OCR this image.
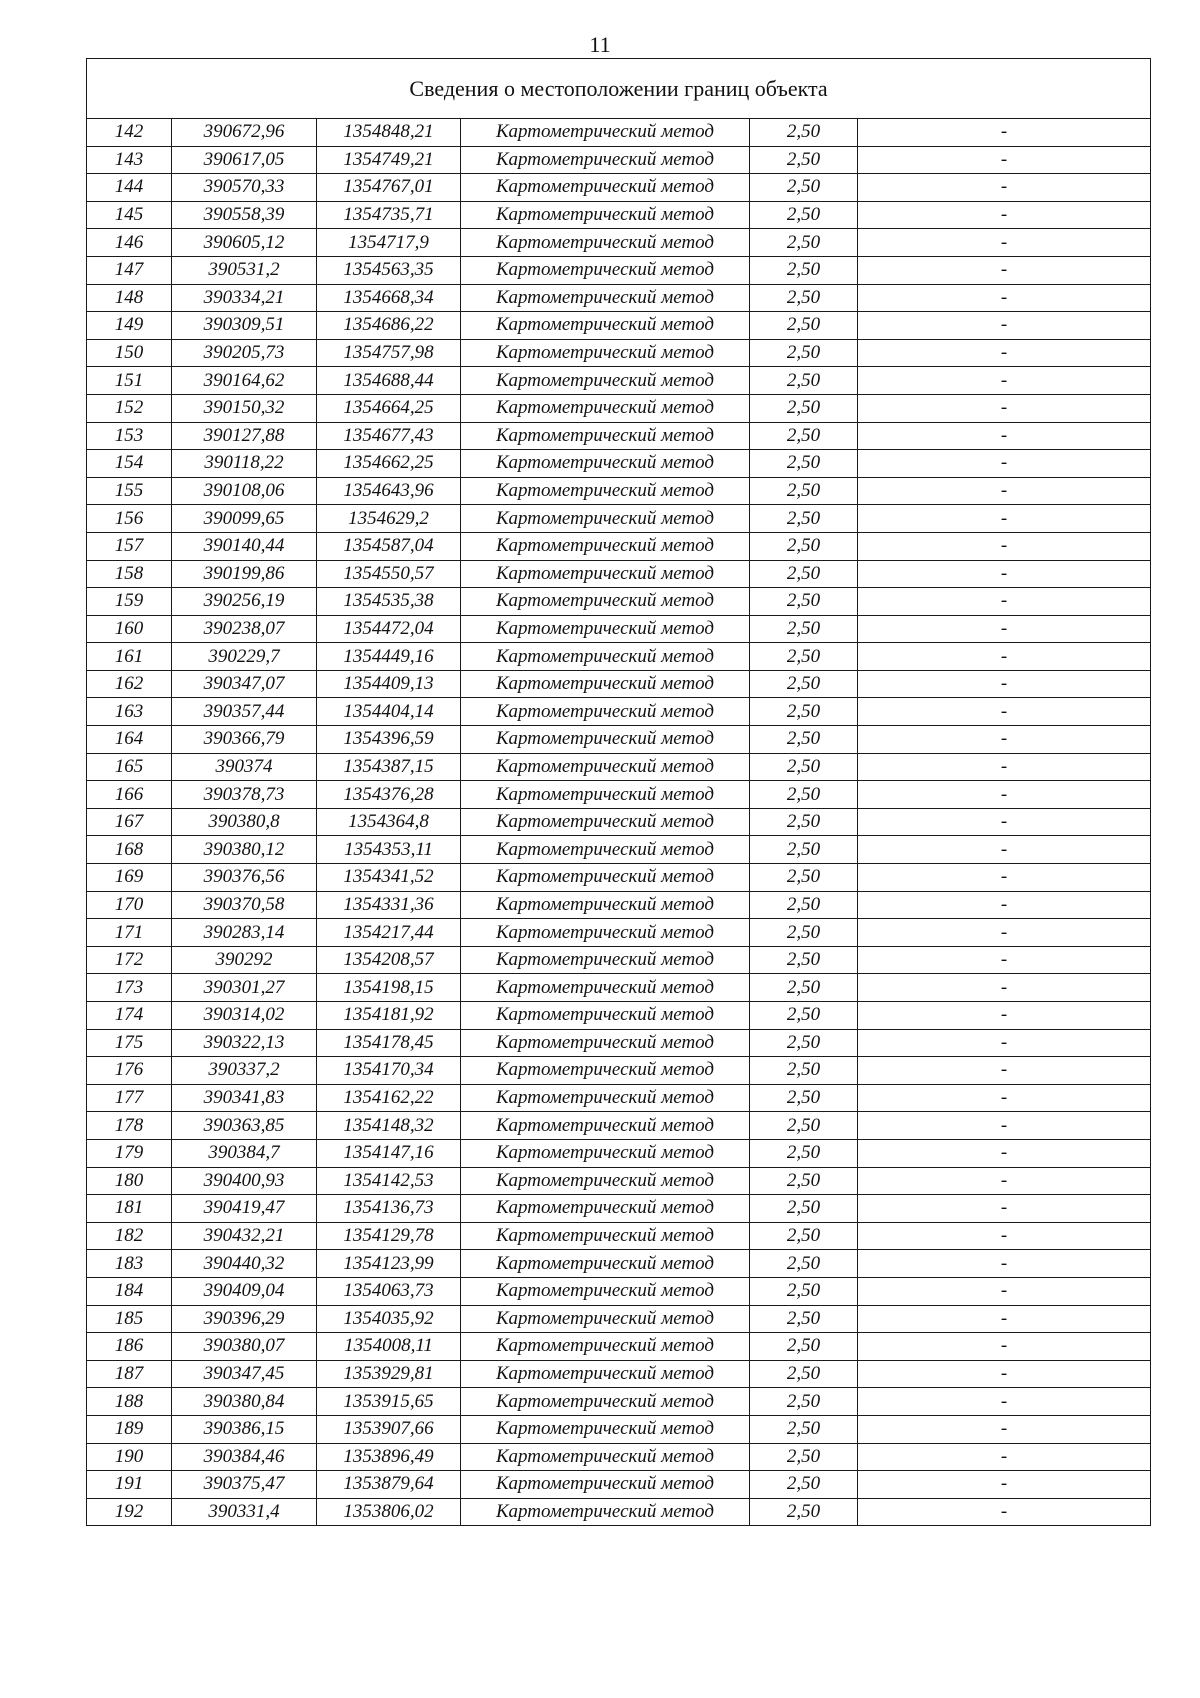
11
Сведения о местоположении границ объекта					
142	390672,96	1354848,21	Картометрический метод	2,50	-
143	390617,05	1354749,21	Картометрический метод	2,50	-
144	390570,33	1354767,01	Картометрический метод	2,50	-
145	390558,39	1354735,71	Картометрический метод	2,50	-
146	390605,12	1354717,9	Картометрический метод	2,50	-
147	390531,2	1354563,35	Картометрический метод	2,50	-
148	390334,21	1354668,34	Картометрический метод	2,50	-
149	390309,51	1354686,22	Картометрический метод	2,50	-
150	390205,73	1354757,98	Картометрический метод	2,50	-
151	390164,62	1354688,44	Картометрический метод	2,50	-
152	390150,32	1354664,25	Картометрический метод	2,50	-
153	390127,88	1354677,43	Картометрический метод	2,50	-
154	390118,22	1354662,25	Картометрический метод	2,50	-
155	390108,06	1354643,96	Картометрический метод	2,50	-
156	390099,65	1354629,2	Картометрический метод	2,50	-
157	390140,44	1354587,04	Картометрический метод	2,50	-
158	390199,86	1354550,57	Картометрический метод	2,50	-
159	390256,19	1354535,38	Картометрический метод	2,50	-
160	390238,07	1354472,04	Картометрический метод	2,50	-
161	390229,7	1354449,16	Картометрический метод	2,50	-
162	390347,07	1354409,13	Картометрический метод	2,50	-
163	390357,44	1354404,14	Картометрический метод	2,50	-
164	390366,79	1354396,59	Картометрический метод	2,50	-
165	390374	1354387,15	Картометрический метод	2,50	-
166	390378,73	1354376,28	Картометрический метод	2,50	-
167	390380,8	1354364,8	Картометрический метод	2,50	-
168	390380,12	1354353,11	Картометрический метод	2,50	-
169	390376,56	1354341,52	Картометрический метод	2,50	-
170	390370,58	1354331,36	Картометрический метод	2,50	-
171	390283,14	1354217,44	Картометрический метод	2,50	-
172	390292	1354208,57	Картометрический метод	2,50	-
173	390301,27	1354198,15	Картометрический метод	2,50	-
174	390314,02	1354181,92	Картометрический метод	2,50	-
175	390322,13	1354178,45	Картометрический метод	2,50	-
176	390337,2	1354170,34	Картометрический метод	2,50	-
177	390341,83	1354162,22	Картометрический метод	2,50	-
178	390363,85	1354148,32	Картометрический метод	2,50	-
179	390384,7	1354147,16	Картометрический метод	2,50	-
180	390400,93	1354142,53	Картометрический метод	2,50	-
181	390419,47	1354136,73	Картометрический метод	2,50	-
182	390432,21	1354129,78	Картометрический метод	2,50	-
183	390440,32	1354123,99	Картометрический метод	2,50	-
184	390409,04	1354063,73	Картометрический метод	2,50	-
185	390396,29	1354035,92	Картометрический метод	2,50	-
186	390380,07	1354008,11	Картометрический метод	2,50	-
187	390347,45	1353929,81	Картометрический метод	2,50	-
188	390380,84	1353915,65	Картометрический метод	2,50	-
189	390386,15	1353907,66	Картометрический метод	2,50	-
190	390384,46	1353896,49	Картометрический метод	2,50	-
191	390375,47	1353879,64	Картометрический метод	2,50	-
192	390331,4	1353806,02	Картометрический метод	2,50	-
